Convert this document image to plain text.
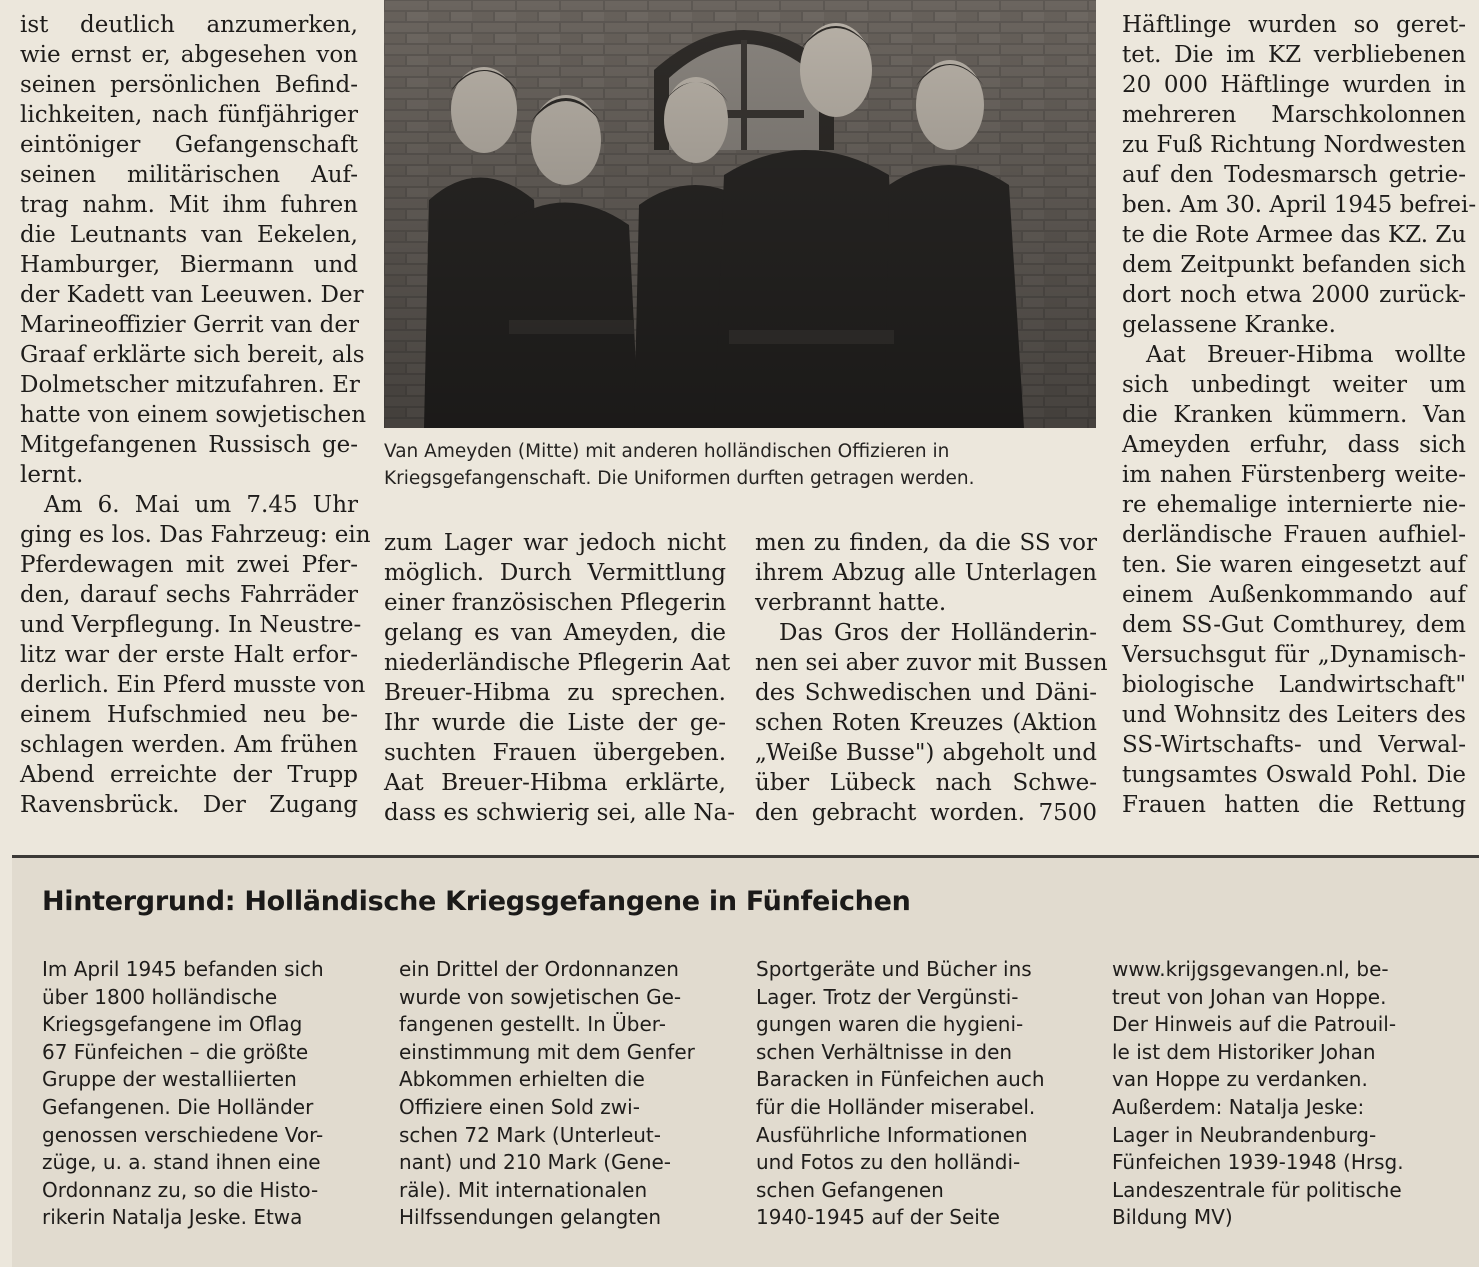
ist deutlich anzumerken,
wie ernst er, abgesehen von
seinen persönlichen Befind-
lichkeiten, nach fünfjähriger
eintöniger Gefangenschaft
seinen militärischen Auf-
trag nahm. Mit ihm fuhren
die Leutnants van Eekelen,
Hamburger, Biermann und
der Kadett van Leeuwen. Der
Marineoffizier Gerrit van der
Graaf erklärte sich bereit, als
Dolmetscher mitzufahren. Er
hatte von einem sowjetischen
Mitgefangenen Russisch ge-
lernt.
Am 6. Mai um 7.45 Uhr
ging es los. Das Fahrzeug: ein
Pferdewagen mit zwei Pfer-
den, darauf sechs Fahrräder
und Verpflegung. In Neustre-
litz war der erste Halt erfor-
derlich. Ein Pferd musste von
einem Hufschmied neu be-
schlagen werden. Am frühen
Abend erreichte der Trupp
Ravensbrück. Der Zugang
Van Ameyden (Mitte) mit anderen holländischen Offizieren in
Kriegsgefangenschaft. Die Uniformen durften getragen werden.
zum Lager war jedoch nicht
möglich. Durch Vermittlung
einer französischen Pflegerin
gelang es van Ameyden, die
niederländische Pflegerin Aat
Breuer-Hibma zu sprechen.
Ihr wurde die Liste der ge-
suchten Frauen übergeben.
Aat Breuer-Hibma erklärte,
dass es schwierig sei, alle Na-
men zu finden, da die SS vor
ihrem Abzug alle Unterlagen
verbrannt hatte.
Das Gros der Holländerin-
nen sei aber zuvor mit Bussen
des Schwedischen und Däni-
schen Roten Kreuzes (Aktion
„Weiße Busse") abgeholt und
über Lübeck nach Schwe-
den gebracht worden. 7500
Häftlinge wurden so geret-
tet. Die im KZ verbliebenen
20 000 Häftlinge wurden in
mehreren Marschkolonnen
zu Fuß Richtung Nordwesten
auf den Todesmarsch getrie-
ben. Am 30. April 1945 befrei-
te die Rote Armee das KZ. Zu
dem Zeitpunkt befanden sich
dort noch etwa 2000 zurück-
gelassene Kranke.
Aat Breuer-Hibma wollte
sich unbedingt weiter um
die Kranken kümmern. Van
Ameyden erfuhr, dass sich
im nahen Fürstenberg weite-
re ehemalige internierte nie-
derländische Frauen aufhiel-
ten. Sie waren eingesetzt auf
einem Außenkommando auf
dem SS-Gut Comthurey, dem
Versuchsgut für „Dynamisch-
biologische Landwirtschaft"
und Wohnsitz des Leiters des
SS-Wirtschafts- und Verwal-
tungsamtes Oswald Pohl. Die
Frauen hatten die Rettung
Hintergrund: Holländische Kriegsgefangene in Fünfeichen
Im April 1945 befanden sich
über 1800 holländische
Kriegsgefangene im Oflag
67 Fünfeichen – die größte
Gruppe der westalliierten
Gefangenen. Die Holländer
genossen verschiedene Vor-
züge, u. a. stand ihnen eine
Ordonnanz zu, so die Histo-
rikerin Natalja Jeske. Etwa
ein Drittel der Ordonnanzen
wurde von sowjetischen Ge-
fangenen gestellt. In Über-
einstimmung mit dem Genfer
Abkommen erhielten die
Offiziere einen Sold zwi-
schen 72 Mark (Unterleut-
nant) und 210 Mark (Gene-
räle). Mit internationalen
Hilfssendungen gelangten
Sportgeräte und Bücher ins
Lager. Trotz der Vergünsti-
gungen waren die hygieni-
schen Verhältnisse in den
Baracken in Fünfeichen auch
für die Holländer miserabel.
Ausführliche Informationen
und Fotos zu den holländi-
schen Gefangenen
1940-1945 auf der Seite
www.krijgsgevangen.nl, be-
treut von Johan van Hoppe.
Der Hinweis auf die Patrouil-
le ist dem Historiker Johan
van Hoppe zu verdanken.
Außerdem: Natalja Jeske:
Lager in Neubrandenburg-
Fünfeichen 1939-1948 (Hrsg.
Landeszentrale für politische
Bildung MV)
